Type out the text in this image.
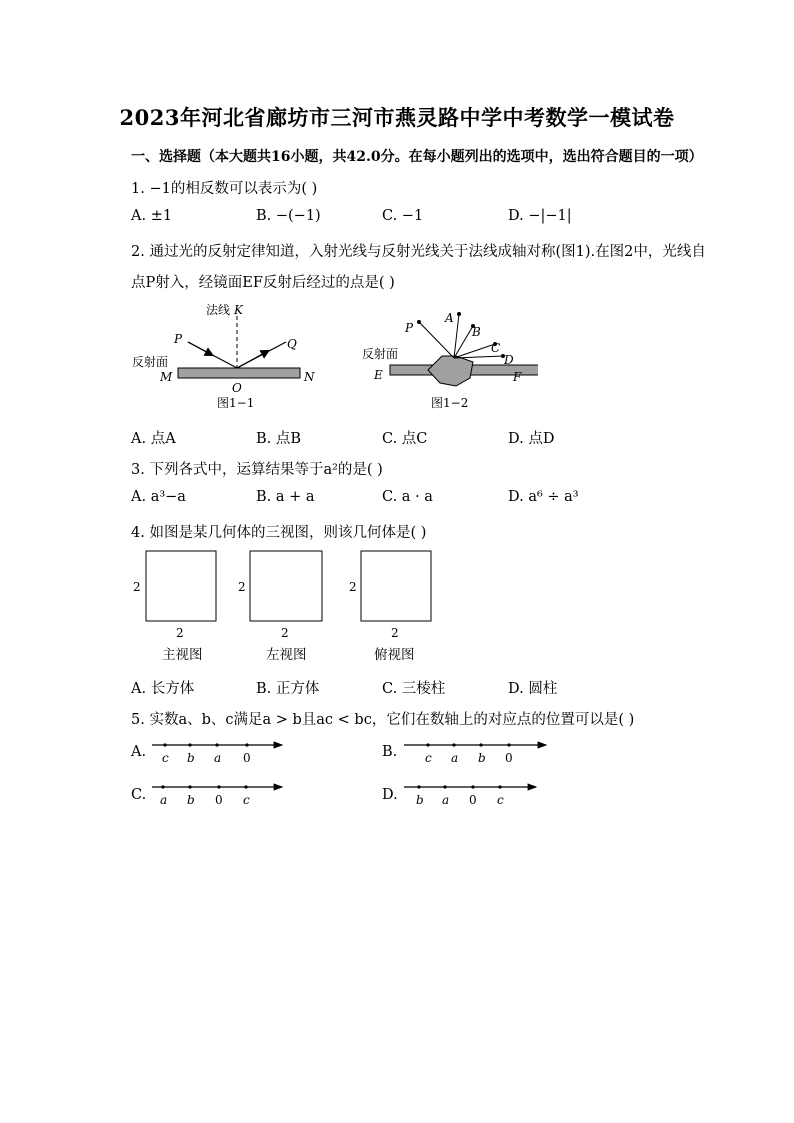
2023年河北省廊坊市三河市燕灵路中学中考数学一模试卷
一、选择题（本大题共16小题，共42.0分。在每小题列出的选项中，选出符合题目的一项）
1. −1的相反数可以表示为( )
A. ±1	B. −(−1)	C. −1	D. −|−1|
2. 通过光的反射定律知道，入射光线与反射光线关于法线成轴对称(图1).在图2中，光线自
点P射入，经镜面EF反射后经过的点是( )
法线 K
P	Q
反射面
M	N
O
图1−1
P
A
B
C
D
反射面
E	F
图1−2
A. 点A	B. 点B	C. 点C	D. 点D
3. 下列各式中，运算结果等于a²的是( )
A. a³−a	B. a + a	C. a · a	D. a⁶ ÷ a³
4. 如图是某几何体的三视图，则该几何体是( )
2
2
主视图
2
2
左视图
2
2
俯视图
A. 长方体	B. 正方体	C. 三棱柱	D. 圆柱
5. 实数a、b、c满足a > b且ac < bc，它们在数轴上的对应点的位置可以是( )
A. c b a 0	B. c a b 0
C. a b 0 c	D. b a 0 c
